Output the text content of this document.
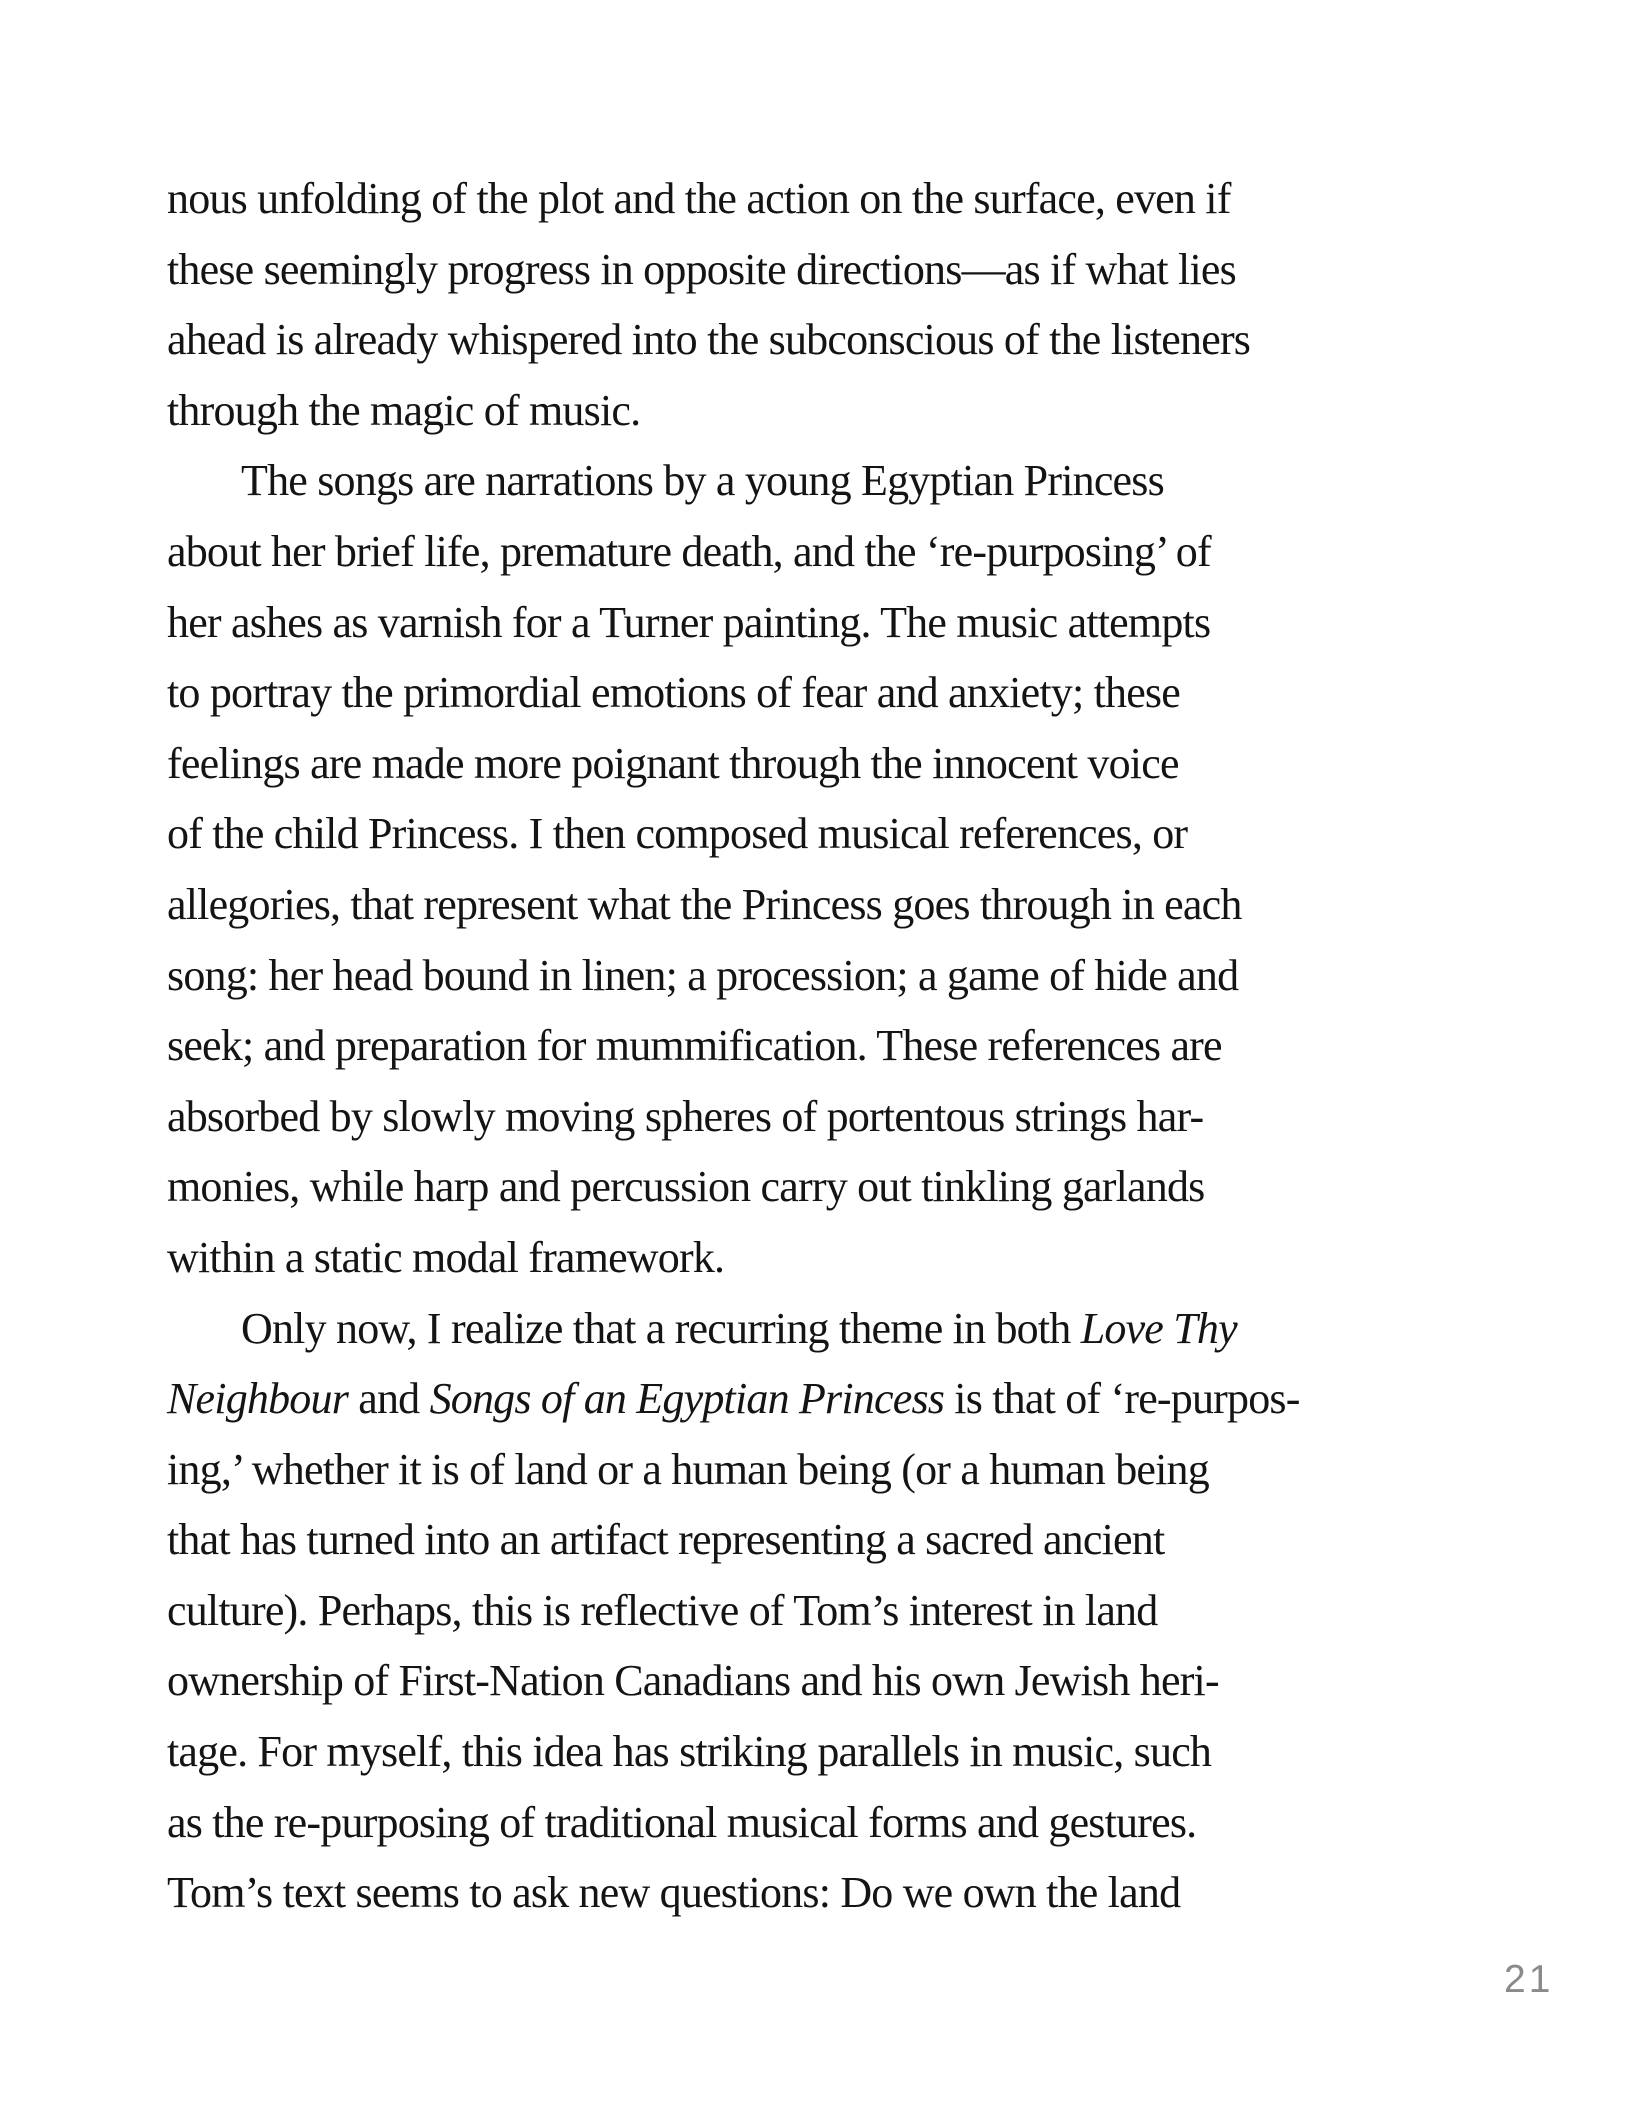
nous unfolding of the plot and the action on the surface, even if
these seemingly progress in opposite directions—as if what lies
ahead is already whispered into the subconscious of the listeners
through the magic of music.
The songs are narrations by a young Egyptian Princess
about her brief life, premature death, and the ‘re-purposing’ of
her ashes as varnish for a Turner painting. The music attempts
to portray the primordial emotions of fear and anxiety; these
feelings are made more poignant through the innocent voice
of the child Princess. I then composed musical references, or
allegories, that represent what the Princess goes through in each
song: her head bound in linen; a procession; a game of hide and
seek; and preparation for mummification. These references are
absorbed by slowly moving spheres of portentous strings har-
monies, while harp and percussion carry out tinkling garlands
within a static modal framework.
Only now, I realize that a recurring theme in both Love Thy
Neighbour and Songs of an Egyptian Princess is that of ‘re-purpos-
ing,’ whether it is of land or a human being (or a human being
that has turned into an artifact representing a sacred ancient
culture). Perhaps, this is reflective of Tom’s interest in land
ownership of First-Nation Canadians and his own Jewish heri-
tage. For myself, this idea has striking parallels in music, such
as the re-purposing of traditional musical forms and gestures.
Tom’s text seems to ask new questions: Do we own the land
21
